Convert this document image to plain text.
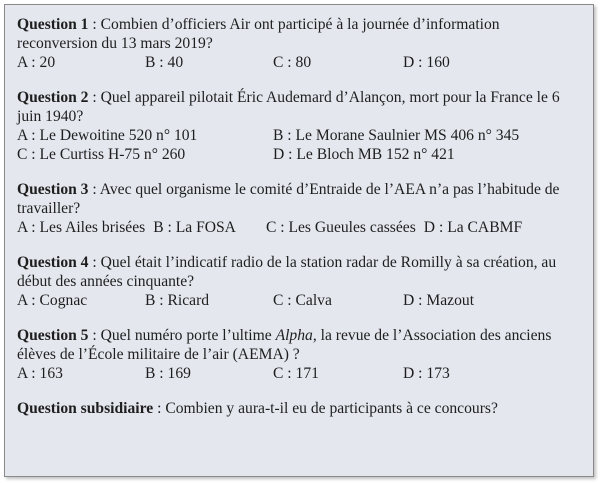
Question 1 : Combien d’officiers Air ont participé à la journée d’information reconversion du 13 mars 2019?

A : 20	B : 40	C : 80	D : 160

Question 2 : Quel appareil pilotait Éric Audemard d’Alançon, mort pour la France le 6 juin 1940?

A : Le Dewoitine 520 n° 101	B : Le Morane Saulnier MS 406 n° 345
C : Le Curtiss H-75 n° 260	D : Le Bloch MB 152 n° 421

Question 3 : Avec quel organisme le comité d’Entraide de l’AEA n’a pas l’habitude de travailler?

A : Les Ailes brisées B : La FOSA C : Les Gueules cassées D : La CABMF

Question 4 : Quel était l’indicatif radio de la station radar de Romilly à sa création, au début des années cinquante?

A : Cognac	B : Ricard	C : Calva	D : Mazout

Question 5 : Quel numéro porte l’ultime Alpha, la revue de l’Association des anciens élèves de l’École militaire de l’air (AEMA) ?

A : 163	B : 169	C : 171	D : 173

Question subsidiaire : Combien y aura-t-il eu de participants à ce concours?
